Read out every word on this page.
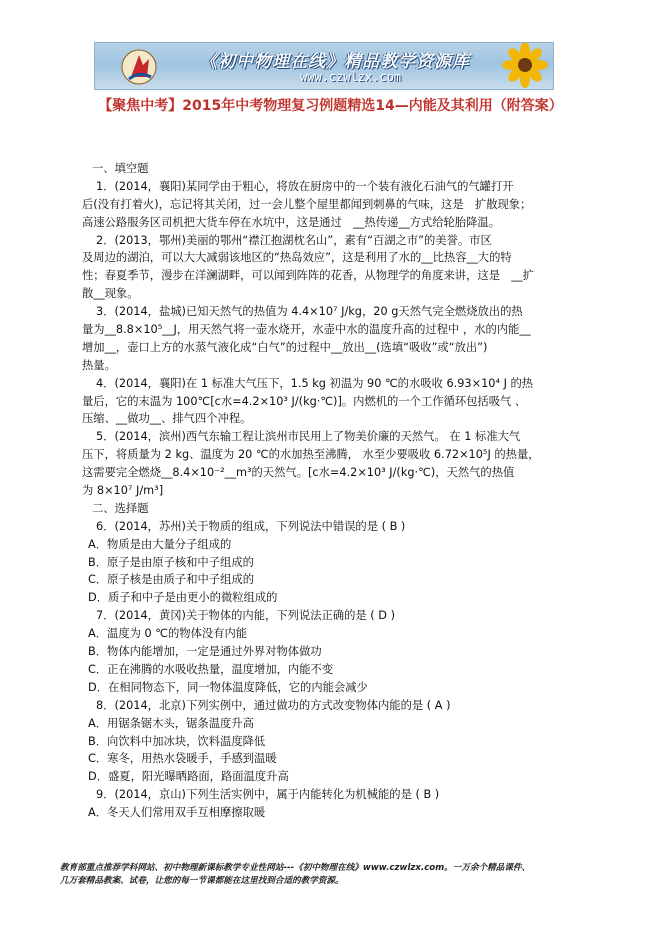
《初中物理在线》精品教学资源库
www.czwlzx.com
【聚焦中考】2015年中考物理复习例题精选14—内能及其利用（附答案）
一、填空题
1．(2014，襄阳)某同学由于粗心，将放在厨房中的一个装有液化石油气的气罐打开
后(没有打着火)，忘记将其关闭，过一会儿整个屋里都闻到刺鼻的气味，这是　扩散现象；
高速公路服务区司机把大货车停在水坑中，这是通过　__热传递__方式给轮胎降温。
2．(2013，鄂州)美丽的鄂州“襟江抱湖枕名山”，素有“百湖之市”的美誉。市区
及周边的湖泊，可以大大减弱该地区的“热岛效应”，这是利用了水的__比热容__大的特
性；春夏季节，漫步在洋澜湖畔，可以闻到阵阵的花香，从物理学的角度来讲，这是　__扩
散__现象。
3．(2014，盐城)已知天然气的热值为 4.4×10⁷ J/kg，20 g天然气完全燃烧放出的热
量为__8.8×10⁵__J，用天然气将一壶水烧开，水壶中水的温度升高的过程中 ，水的内能__
增加__，壶口上方的水蒸气液化成“白气”的过程中__放出__(选填“吸收”或“放出”)
热量。
4．(2014，襄阳)在 1 标准大气压下，1.5 kg 初温为 90 ℃的水吸收 6.93×10⁴ J 的热
量后，它的末温为 100℃[c水=4.2×10³ J/(kg·℃)]。内燃机的一个工作循环包括吸气 、
压缩、__做功__、排气四个冲程。
5．(2014，滨州)西气东输工程让滨州市民用上了物美价廉的天然气。 在 1 标准大气
压下，将质量为 2 kg、温度为 20 ℃的水加热至沸腾， 水至少要吸收 6.72×10⁵J 的热量，
这需要完全燃烧__8.4×10⁻²__m³的天然气。[c水=4.2×10³ J/(kg·℃)，天然气的热值
为 8×10⁷ J/m³]
二、选择题
6．(2014，苏州)关于物质的组成，下列说法中错误的是 ( B )
A．物质是由大量分子组成的
B．原子是由原子核和中子组成的
C．原子核是由质子和中子组成的
D．质子和中子是由更小的微粒组成的
7．(2014，黄冈)关于物体的内能，下列说法正确的是 ( D )
A．温度为 0 ℃的物体没有内能
B．物体内能增加，一定是通过外界对物体做功
C．正在沸腾的水吸收热量，温度增加，内能不变
D．在相同物态下，同一物体温度降低，它的内能会减少
8．(2014，北京)下列实例中，通过做功的方式改变物体内能的是 ( A )
A．用锯条锯木头，锯条温度升高
B．向饮料中加冰块，饮料温度降低
C．寒冬，用热水袋暖手，手感到温暖
D．盛夏，阳光曝晒路面，路面温度升高
9．(2014，京山)下列生活实例中，属于内能转化为机械能的是 ( B )
A．冬天人们常用双手互相摩擦取暖
教育部重点推荐学科网站、初中物理新课标教学专业性网站---《初中物理在线》www.czwlzx.com。一万余个精品课件、
几万套精品教案、试卷，让您的每一节课都能在这里找到合适的教学资源。
